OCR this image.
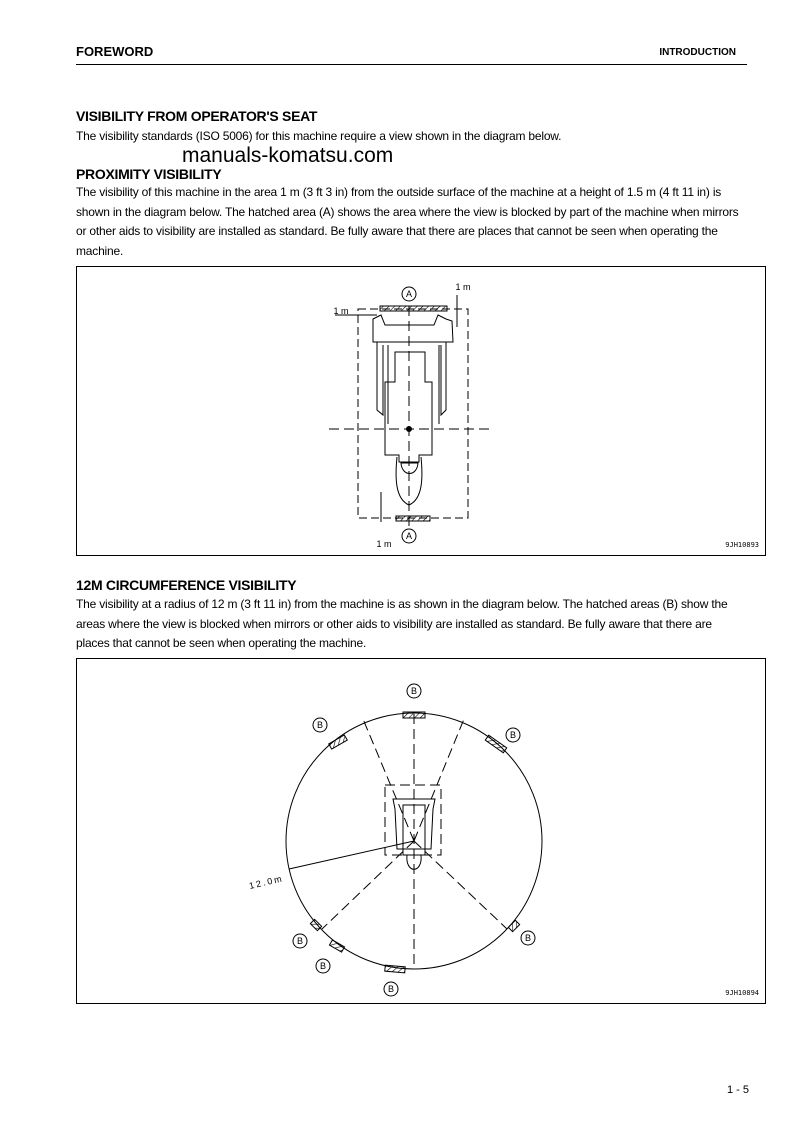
FOREWORD	INTRODUCTION
VISIBILITY FROM OPERATOR'S SEAT

The visibility standards (ISO 5006) for this machine require a view shown in the diagram below.

manuals-komatsu.com
PROXIMITY VISIBILITY

The visibility of this machine in the area 1 m (3 ft 3 in) from the outside surface of the machine at a height of 1.5 m (4 ft 11 in) is shown in the diagram below. The hatched area (A) shows the area where the view is blocked by part of the machine when mirrors or other aids to visibility are installed as standard. Be fully aware that there are places that cannot be seen when operating the machine.

A
A
1 m
1 m
1 m	9JH10893
12M CIRCUMFERENCE VISIBILITY

The visibility at a radius of 12 m (3 ft 11 in) from the machine is as shown in the diagram below. The hatched areas (B) show the areas where the view is blocked when mirrors or other aids to visibility are installed as standard. Be fully aware that there are places that cannot be seen when operating the machine.

B
B
B
B
B
B
B
12.0m
9JH10894
1 - 5
